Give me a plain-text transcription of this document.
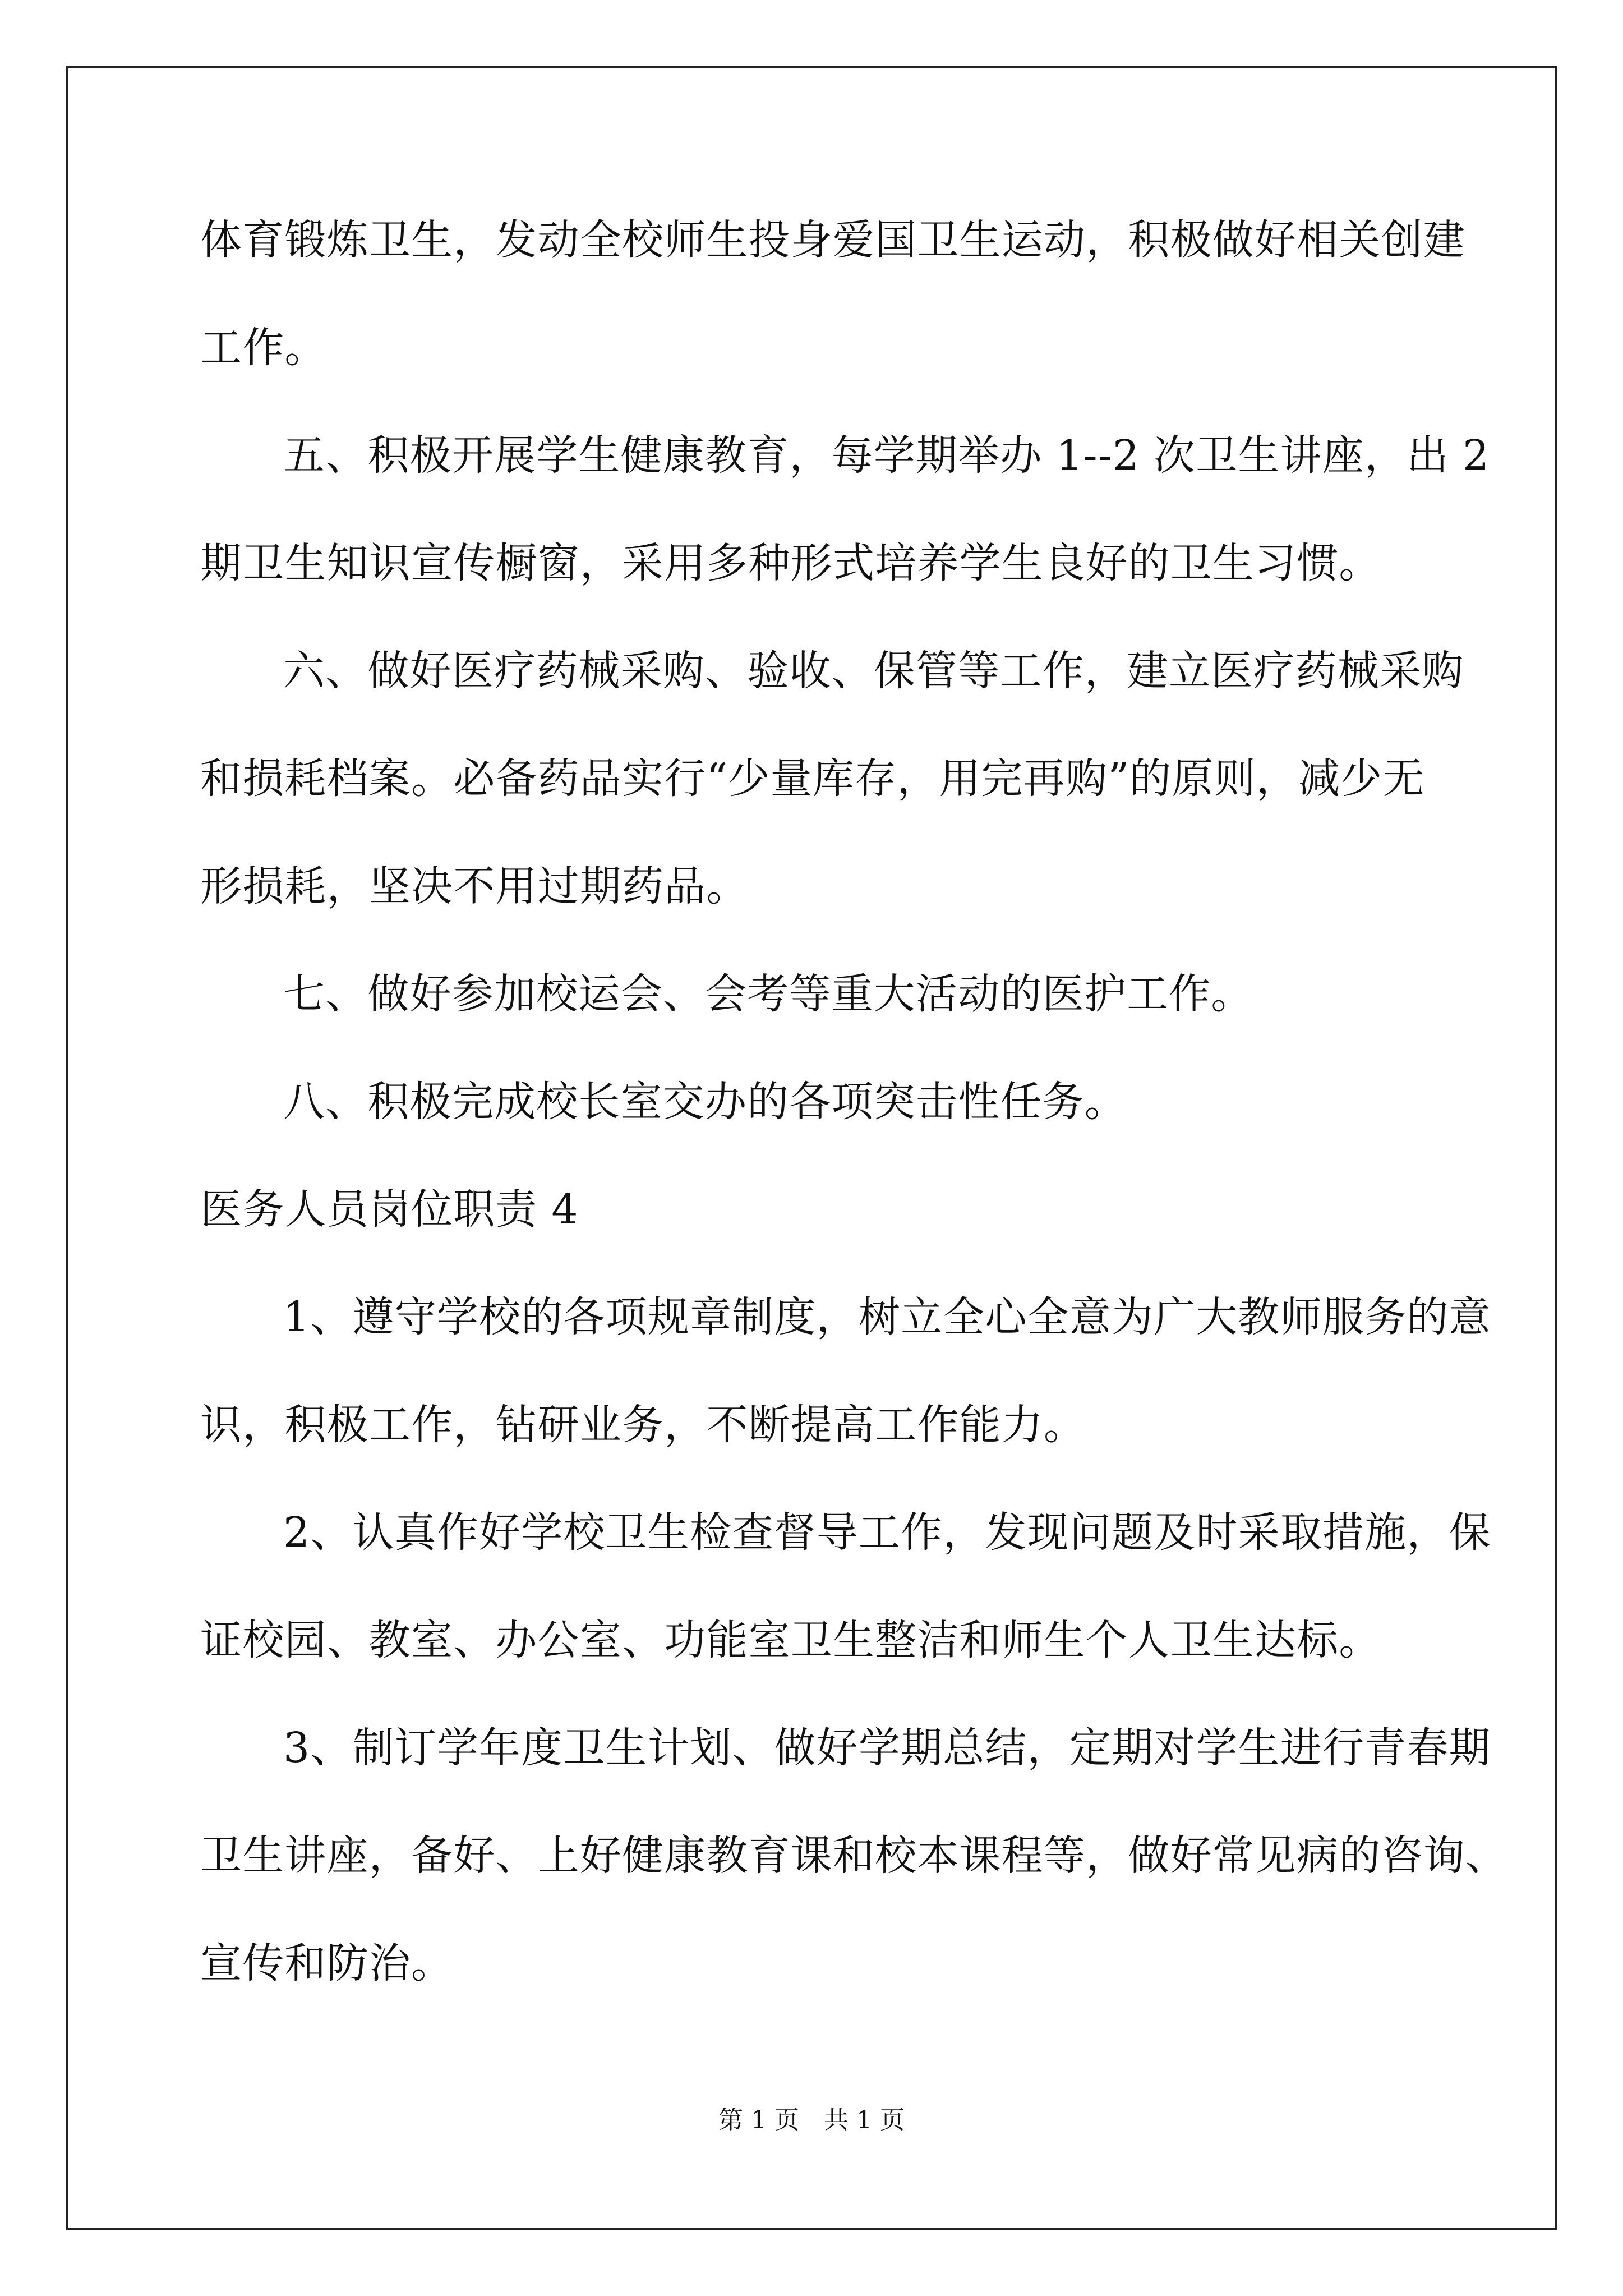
体育锻炼卫生，发动全校师生投身爱国卫生运动，积极做好相关创建

工作。

五、积极开展学生健康教育，每学期举办 1--2 次卫生讲座，出 2

期卫生知识宣传橱窗，采用多种形式培养学生良好的卫生习惯。

六、做好医疗药械采购、验收、保管等工作，建立医疗药械采购

和损耗档案。必备药品实行“少量库存，用完再购”的原则，减少无

形损耗，坚决不用过期药品。

七、做好参加校运会、会考等重大活动的医护工作。

八、积极完成校长室交办的各项突击性任务。

医务人员岗位职责 4

1、遵守学校的各项规章制度，树立全心全意为广大教师服务的意

识，积极工作，钻研业务，不断提高工作能力。

2、认真作好学校卫生检查督导工作，发现问题及时采取措施，保

证校园、教室、办公室、功能室卫生整洁和师生个人卫生达标。

3、制订学年度卫生计划、做好学期总结，定期对学生进行青春期

卫生讲座，备好、上好健康教育课和校本课程等，做好常见病的咨询、

宣传和防治。

第 1 页　共 1 页
